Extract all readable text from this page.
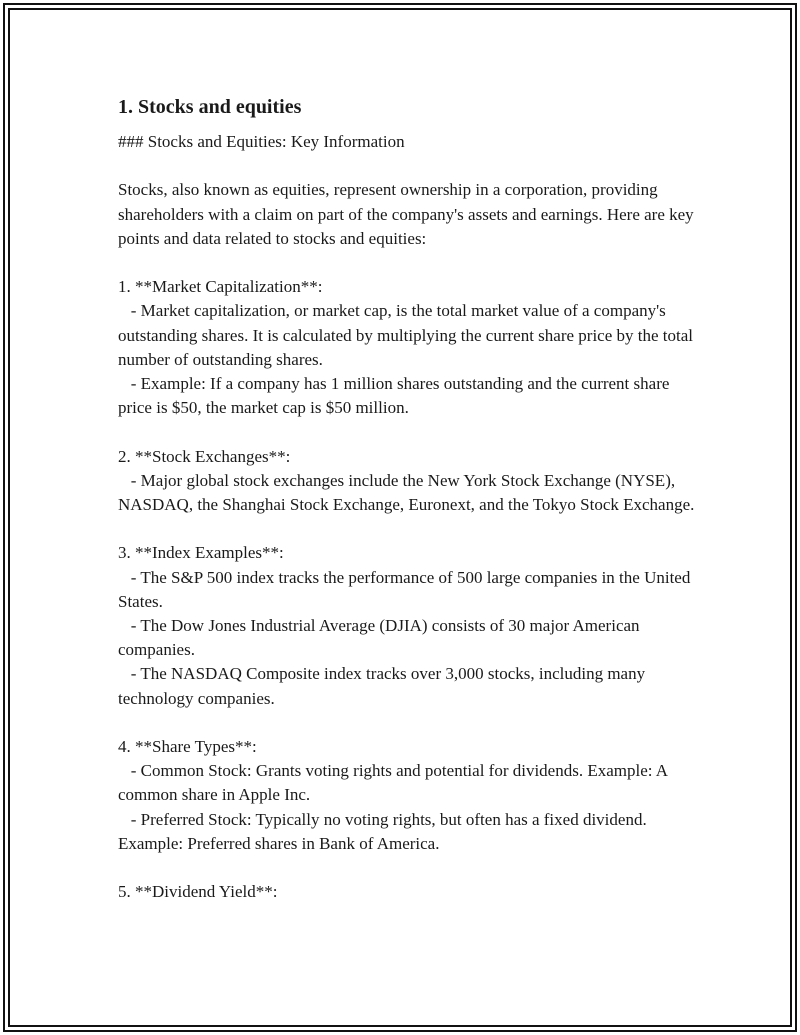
1. Stocks and equities

### Stocks and Equities: Key Information

Stocks, also known as equities, represent ownership in a corporation, providing shareholders with a claim on part of the company's assets and earnings. Here are key points and data related to stocks and equities:

1. **Market Capitalization**:
- Market capitalization, or market cap, is the total market value of a company's outstanding shares. It is calculated by multiplying the current share price by the total number of outstanding shares.
- Example: If a company has 1 million shares outstanding and the current share price is $50, the market cap is $50 million.

2. **Stock Exchanges**:
- Major global stock exchanges include the New York Stock Exchange (NYSE), NASDAQ, the Shanghai Stock Exchange, Euronext, and the Tokyo Stock Exchange.

3. **Index Examples**:
- The S&P 500 index tracks the performance of 500 large companies in the United States.
- The Dow Jones Industrial Average (DJIA) consists of 30 major American companies.
- The NASDAQ Composite index tracks over 3,000 stocks, including many technology companies.

4. **Share Types**:
- Common Stock: Grants voting rights and potential for dividends. Example: A common share in Apple Inc.
- Preferred Stock: Typically no voting rights, but often has a fixed dividend. Example: Preferred shares in Bank of America.

5. **Dividend Yield**:
